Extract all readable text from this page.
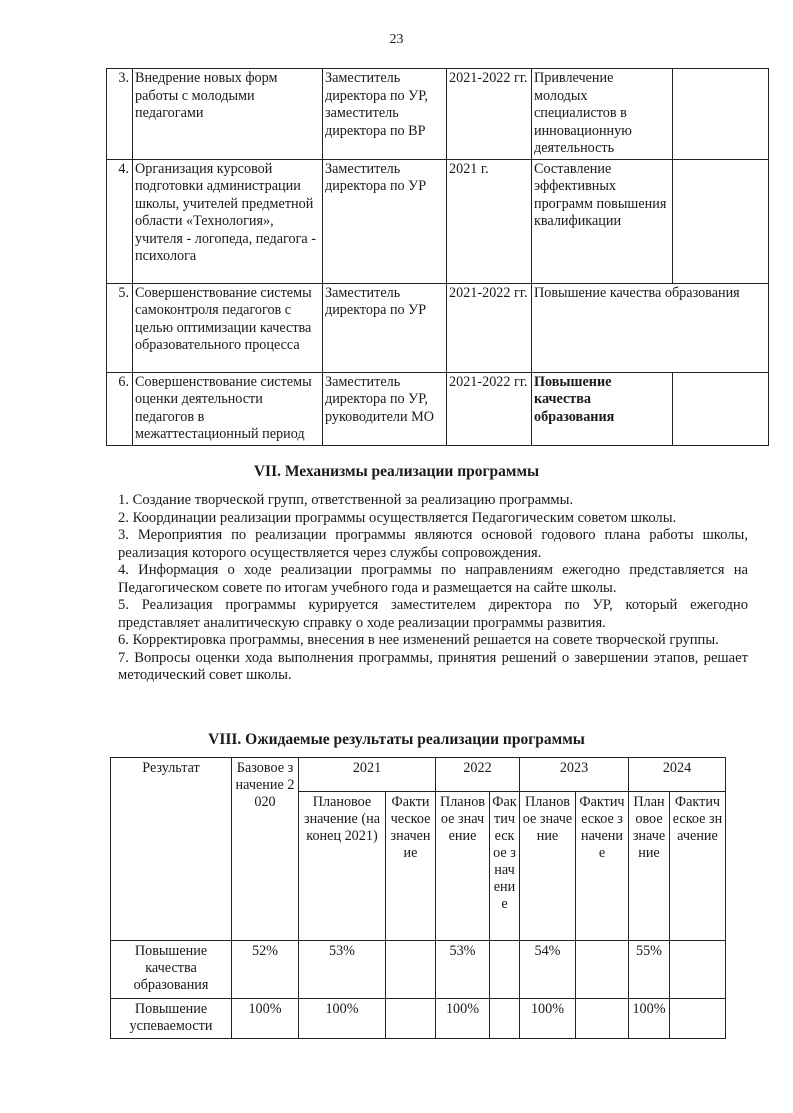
23
3.	Внедрение новых форм работы с молодыми педагогами	Заместитель директора по УР, заместитель директора по ВР	2021-2022 гг.	Привлечение молодых специалистов в инновационную деятельность	
4.	Организация курсовой подготовки администрации школы, учителей предметной области «Технология», учителя - логопеда, педагога - психолога	Заместитель директора по УР	2021 г.	Составление эффективных программ повышения квалификации	
5.	Совершенствование системы самоконтроля педагогов с целью оптимизации качества образовательного процесса	Заместитель директора по УР	2021-2022 гг.	Повышение качества образования	
6.	Совершенствование системы оценки деятельности педагогов в межаттестационный период	Заместитель директора по УР, руководители МО	2021-2022 гг.	Повышение качества образования	
VII. Механизмы реализации программы

1. Создание творческой групп, ответственной за реализацию программы.

2. Координации реализации программы осуществляется Педагогическим советом школы.

3. Мероприятия по реализации программы являются основой годового плана работы школы, реализация которого осуществляется через службы сопровождения.

4. Информация о ходе реализации программы по направлениям ежегодно представляется на Педагогическом совете по итогам учебного года и размещается на сайте школы.

5. Реализация программы курируется заместителем директора по УР, который ежегодно представляет аналитическую справку о ходе реализации программы развития.

6. Корректировка программы, внесения в нее изменений решается на совете творческой группы.

7. Вопросы оценки хода выполнения программы, принятия решений о завершении этапов, решает методический совет школы.

VIII. Ожидаемые результаты реализации программы
Результат	Базовое значение 2020	2021		2022		2023		2024	
		Плановое значение (на конец 2021)	Фактическое значение	Плановое значение	Фактическое значение	Плановое значение	Фактическое значение	Плановое значение	Фактическое значение
Повышение качества образования	52%	53%		53%		54%		55%	
Повышение успеваемости	100%	100%		100%		100%		100%	
